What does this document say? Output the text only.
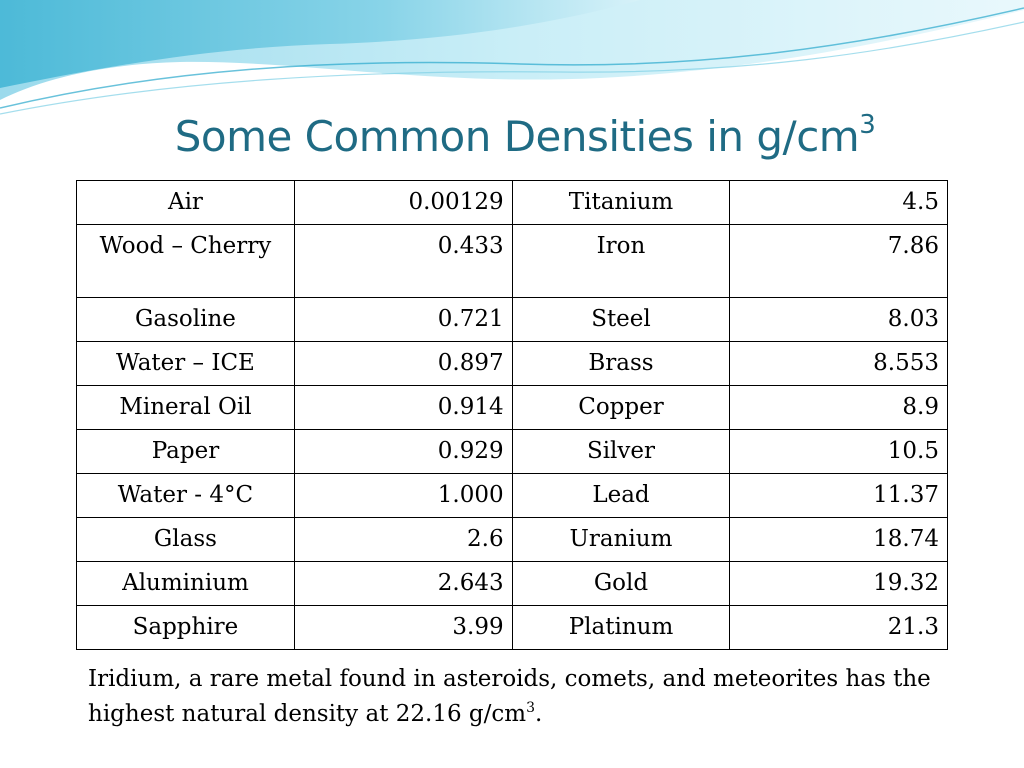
Some Common Densities in $g/cm^3$
Air	0.00129	Titanium	4.5
Wood – Cherry	0.433	Iron	7.86
Gasoline	0.721	Steel	8.03
Water – ICE	0.897	Brass	8.553
Mineral Oil	0.914	Copper	8.9
Paper	0.929	Silver	10.5
Water - 4°C	1.000	Lead	11.37
Glass	2.6	Uranium	18.74
Aluminium	2.643	Gold	19.32
Sapphire	3.99	Platinum	21.3
Iridium, a rare metal found in asteroids, comets, and meteorites has the highest natural density at 22.16 $g/cm^3$.
